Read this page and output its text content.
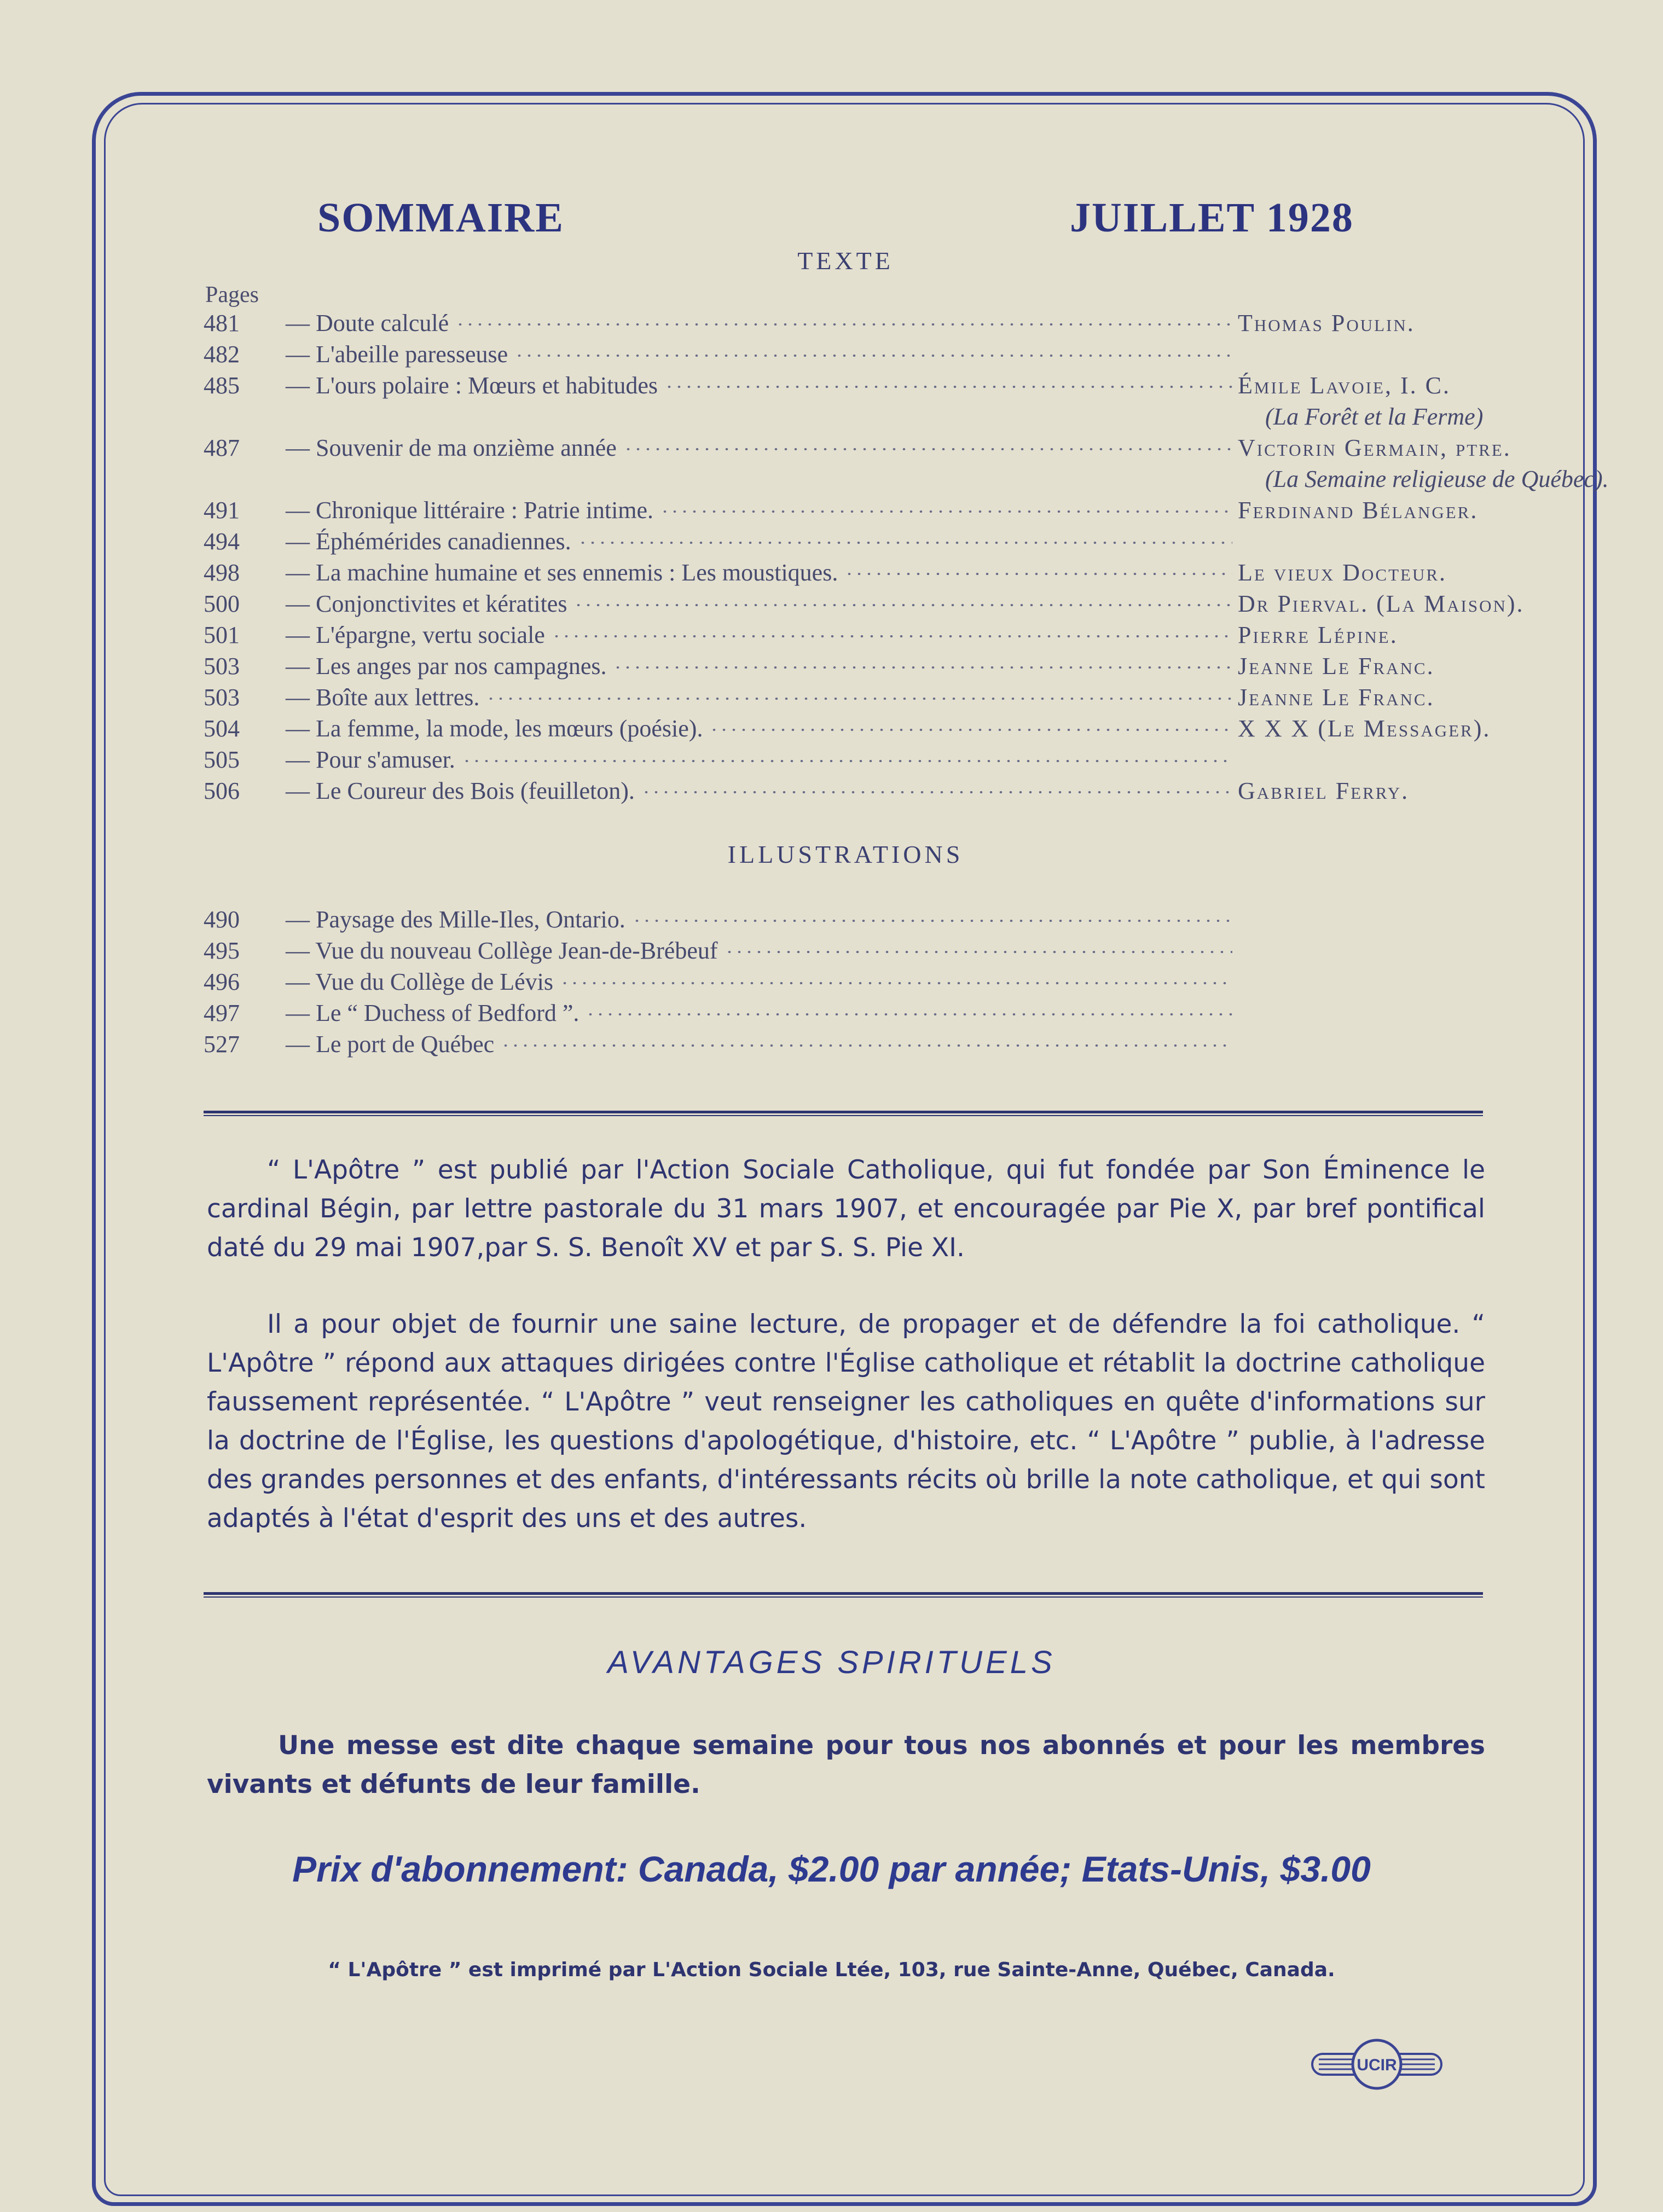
SOMMAIRE	JUILLET 1928
TEXTE
Pages
481 — Doute calculé	Thomas Poulin.
482 — L'abeille paresseuse
485 — L'ours polaire : Mœurs et habitudes	Émile Lavoie, I. C.
(La Forêt et la Ferme)
487 — Souvenir de ma onzième année	Victorin Germain, ptre.
(La Semaine religieuse de Québec).
491 — Chronique littéraire : Patrie intime.	Ferdinand Bélanger.
494 — Éphémérides canadiennes.
498 — La machine humaine et ses ennemis : Les moustiques.	Le vieux Docteur.
500 — Conjonctivites et kératites	Dr Pierval. (La Maison).
501 — L'épargne, vertu sociale	Pierre Lépine.
503 — Les anges par nos campagnes.	Jeanne Le Franc.
503 — Boîte aux lettres.	Jeanne Le Franc.
504 — La femme, la mode, les mœurs (poésie).	X X X (Le Messager).
505 — Pour s'amuser.
506 — Le Coureur des Bois (feuilleton).	Gabriel Ferry.
ILLUSTRATIONS
490 — Paysage des Mille-Iles, Ontario.
495 — Vue du nouveau Collège Jean-de-Brébeuf
496 — Vue du Collège de Lévis
497 — Le “ Duchess of Bedford ”.
527 — Le port de Québec
“ L'Apôtre ” est publié par l'Action Sociale Catholique, qui fut fondée par Son Éminence le cardinal Bégin, par lettre pastorale du 31 mars 1907, et encouragée par Pie X, par bref pontifical daté du 29 mai 1907,par S. S. Benoît XV et par S. S. Pie XI.
Il a pour objet de fournir une saine lecture, de propager et de défendre la foi catholique. “ L'Apôtre ” répond aux attaques dirigées contre l'Église catholique et rétablit la doctrine catholique faussement représentée. “ L'Apôtre ” veut renseigner les catholiques en quête d'informations sur la doctrine de l'Église, les questions d'apologétique, d'histoire, etc. “ L'Apôtre ” publie, à l'adresse des grandes personnes et des enfants, d'intéressants récits où brille la note catholique, et qui sont adaptés à l'état d'esprit des uns et des autres.
AVANTAGES SPIRITUELS
Une messe est dite chaque semaine pour tous nos abonnés et pour les membres vivants et défunts de leur famille.
Prix d'abonnement: Canada, $2.00 par année; Etats-Unis, $3.00
“ L'Apôtre ” est imprimé par L'Action Sociale Ltée, 103, rue Sainte-Anne, Québec, Canada.
UCIR
